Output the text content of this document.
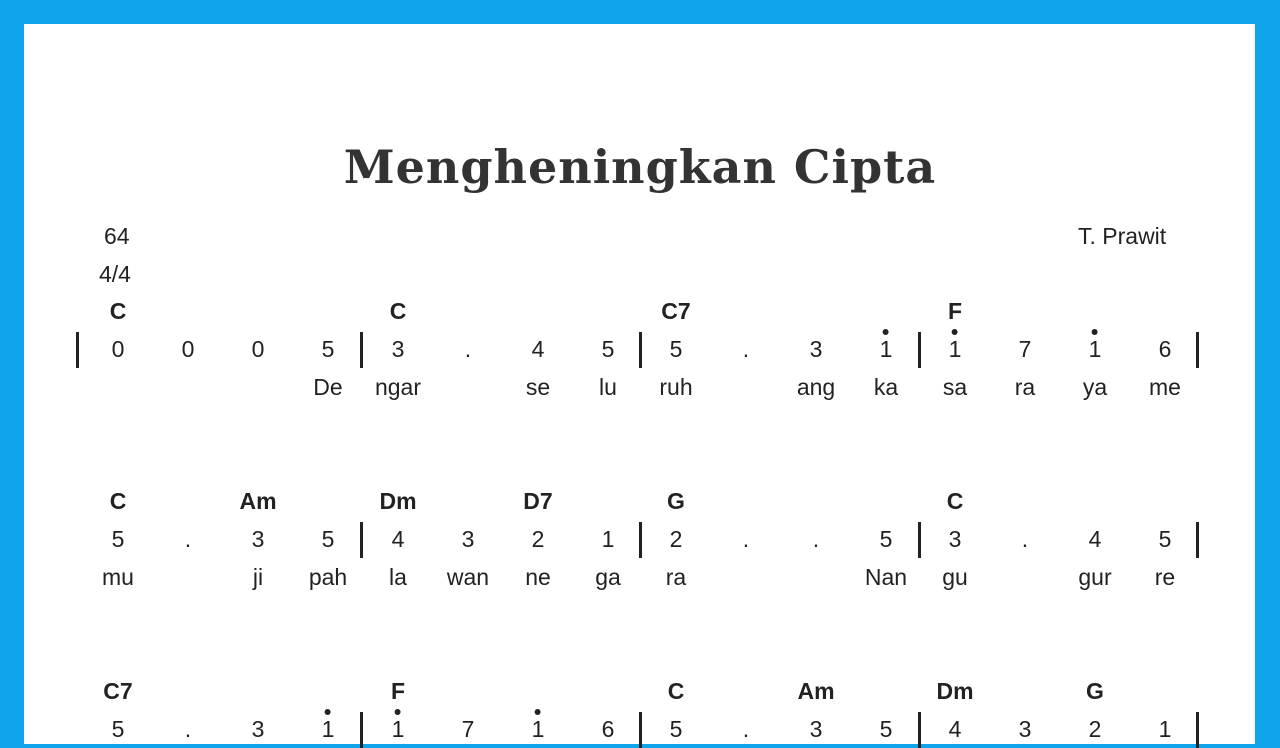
Mengheningkan Cipta
64
4/4
T. Prawit
C	C	C7	F
0 0 0 5 3	.	4 5 5	.	3 1 1 7 1 6
De ngar	se lu ruh	ang ka sa ra ya me
C	Am	Dm	D7	G	C
5	.	3 5 4 3 2 1 2	.	.	5 3	.	4 5
mu	ji pah la wan ne ga ra	Nan gu	gur re
C7	F	C	Am	Dm	G
5	.	3 1 1 7 1 6 5	.	3 5 4 3 2 1
